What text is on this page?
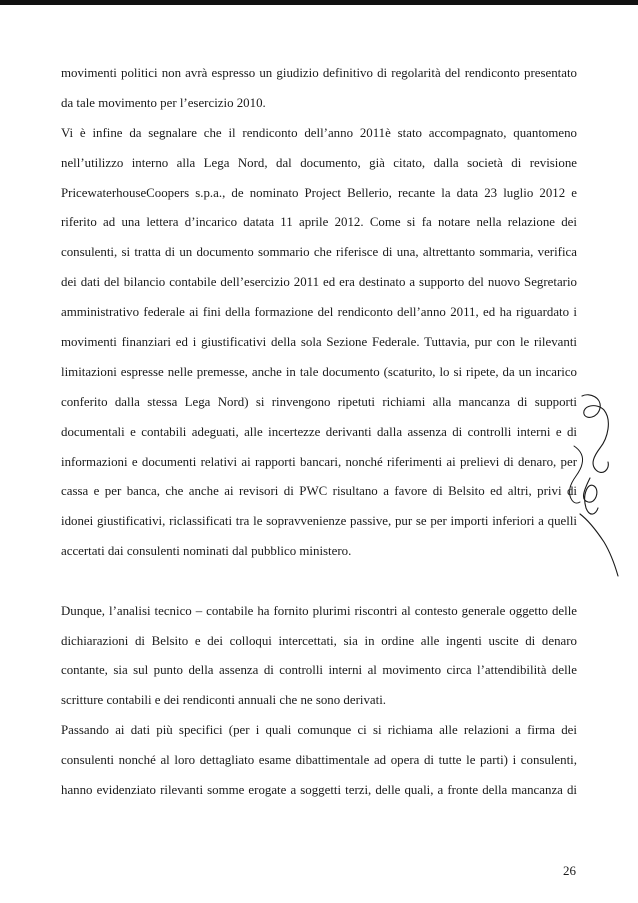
movimenti politici non avrà espresso un giudizio definitivo di regolarità del rendiconto presentato
da tale movimento per l’esercizio 2010.
Vi è infine da segnalare che il rendiconto dell’anno 2011è stato accompagnato, quantomeno
nell’utilizzo interno alla Lega Nord, dal documento, già citato, dalla società di revisione
PricewaterhouseCoopers s.p.a., de nominato Project Bellerio, recante la data 23 luglio 2012 e
riferito ad una lettera d’incarico datata 11 aprile 2012. Come si fa notare nella relazione dei
consulenti, si tratta di un documento sommario che riferisce di una, altrettanto sommaria, verifica
dei dati del bilancio contabile dell’esercizio 2011 ed era destinato a supporto del nuovo Segretario
amministrativo federale ai fini della formazione del rendiconto dell’anno 2011, ed ha riguardato i
movimenti finanziari ed i giustificativi della sola Sezione Federale. Tuttavia, pur con le rilevanti
limitazioni espresse nelle premesse, anche in tale documento (scaturito, lo si ripete, da un incarico
conferito dalla stessa Lega Nord) si rinvengono ripetuti richiami alla mancanza di supporti
documentali e contabili adeguati, alle incertezze derivanti dalla assenza di controlli interni e di
informazioni e documenti relativi ai rapporti bancari, nonché riferimenti ai prelievi di denaro, per
cassa e per banca, che anche ai revisori di PWC risultano a favore di Belsito ed altri, privi di
idonei giustificativi, riclassificati tra le sopravvenienze passive, pur se per importi inferiori a quelli
accertati dai consulenti nominati dal pubblico ministero.
Dunque, l’analisi tecnico – contabile ha fornito plurimi riscontri al contesto generale oggetto delle
dichiarazioni di Belsito e dei colloqui intercettati, sia in ordine alle ingenti uscite di denaro
contante, sia sul punto della assenza di controlli interni al movimento circa l’attendibilità delle
scritture contabili e dei rendiconti annuali che ne sono derivati.
Passando ai dati più specifici (per i quali comunque ci si richiama alle relazioni a firma dei
consulenti nonché al loro dettagliato esame dibattimentale ad opera di tutte le parti) i consulenti,
hanno evidenziato rilevanti somme erogate a soggetti terzi, delle quali, a fronte della mancanza di
26
